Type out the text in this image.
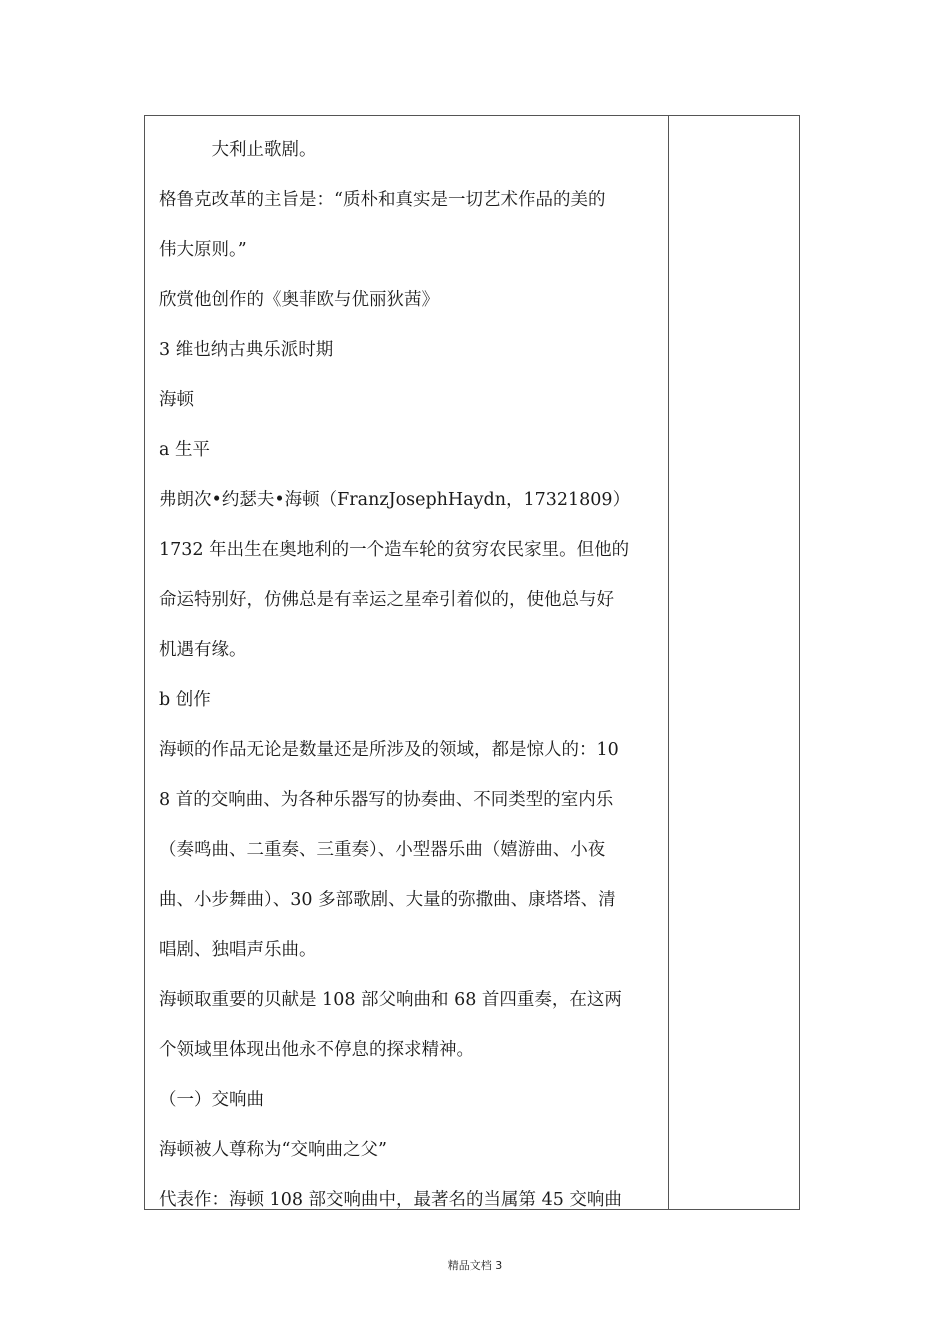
　　　大利止歌剧。
格鲁克改革的主旨是：“质朴和真实是一切艺术作品的美的
伟大原则。”
欣赏他创作的《奥菲欧与优丽狄茜》
3 维也纳古典乐派时期
海顿
a 生平
弗朗次•约瑟夫•海顿（FranzJosephHaydn，17321809）
1732 年出生在奥地利的一个造车轮的贫穷农民家里。但他的
命运特别好，仿佛总是有幸运之星牵引着似的，使他总与好
机遇有缘。
b 创作
海顿的作品无论是数量还是所涉及的领域，都是惊人的：10
8 首的交响曲、为各种乐器写的协奏曲、不同类型的室内乐
（奏鸣曲、二重奏、三重奏）、小型器乐曲（嬉游曲、小夜
曲、小步舞曲）、30 多部歌剧、大量的弥撒曲、康塔塔、清
唱剧、独唱声乐曲。
海顿取重要的贝献是 108 部父响曲和 68 首四重奏，在这两
个领域里体现出他永不停息的探求精神。
（一）交响曲
海顿被人尊称为“交响曲之父”
代表作：海顿 108 部交响曲中，最著名的当属第 45 交响曲
精品文档 3
